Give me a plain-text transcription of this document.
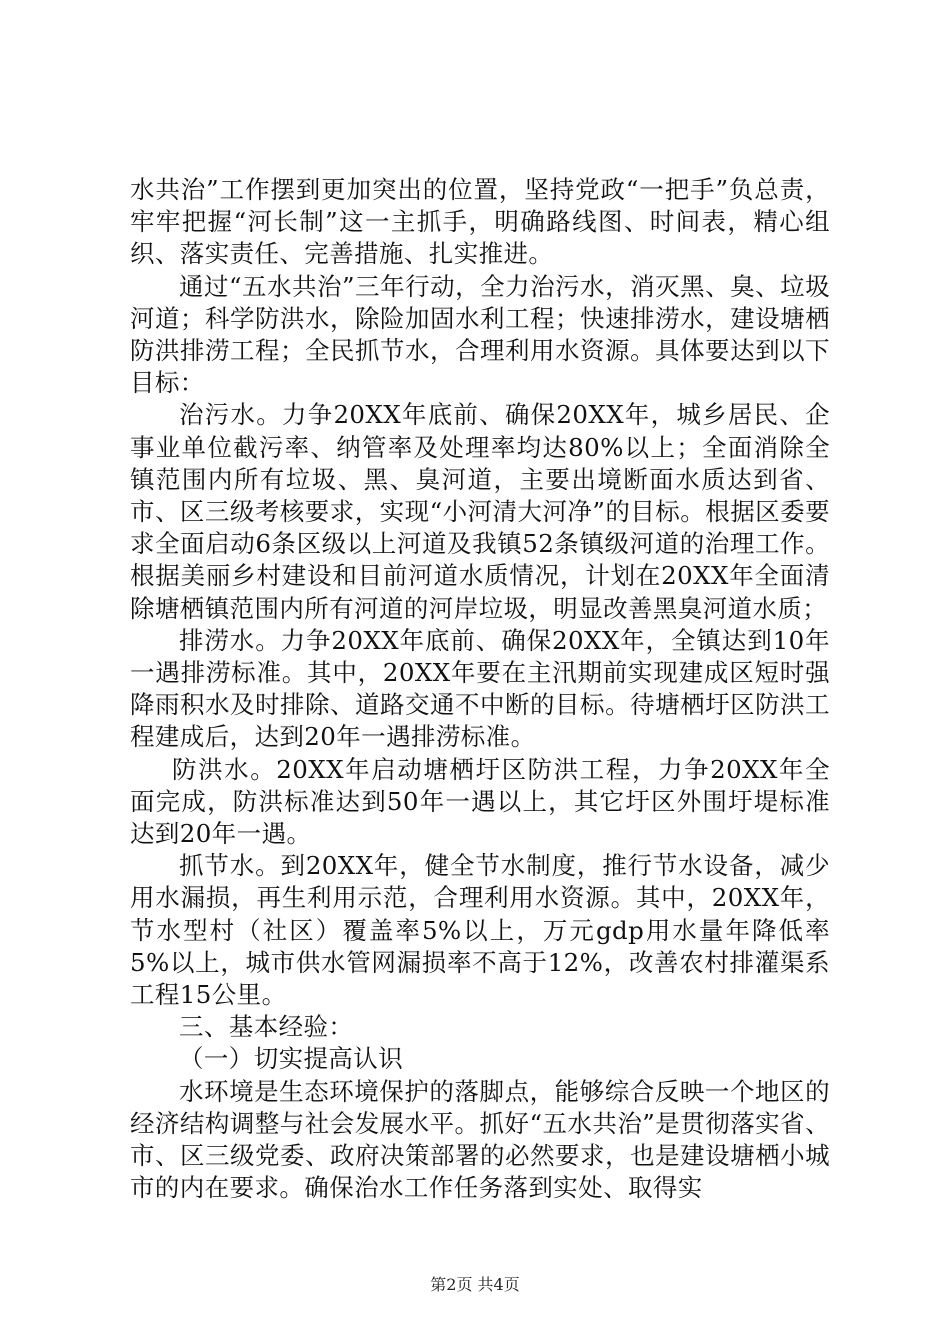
水共治”工作摆到更加突出的位置，坚持党政“一把手”负总责，牢牢把握“河长制”这一主抓手，明确路线图、时间表，精心组织、落实责任、完善措施、扎实推进。

通过“五水共治”三年行动，全力治污水，消灭黑、臭、垃圾河道；科学防洪水，除险加固水利工程；快速排涝水，建设塘栖防洪排涝工程；全民抓节水，合理利用水资源。具体要达到以下目标：

治污水。力争20XX年底前、确保20XX年，城乡居民、企事业单位截污率、纳管率及处理率均达80%以上；全面消除全镇范围内所有垃圾、黑、臭河道，主要出境断面水质达到省、市、区三级考核要求，实现“小河清大河净”的目标。根据区委要求全面启动6条区级以上河道及我镇52条镇级河道的治理工作。根据美丽乡村建设和目前河道水质情况，计划在20XX年全面清除塘栖镇范围内所有河道的河岸垃圾，明显改善黑臭河道水质；

排涝水。力争20XX年底前、确保20XX年，全镇达到10年一遇排涝标准。其中，20XX年要在主汛期前实现建成区短时强降雨积水及时排除、道路交通不中断的目标。待塘栖圩区防洪工程建成后，达到20年一遇排涝标准。

防洪水。20XX年启动塘栖圩区防洪工程，力争20XX年全面完成，防洪标准达到50年一遇以上，其它圩区外围圩堤标准达到20年一遇。

抓节水。到20XX年，健全节水制度，推行节水设备，减少用水漏损，再生利用示范，合理利用水资源。其中，20XX年，节水型村（社区）覆盖率5%以上，万元gdp用水量年降低率5%以上，城市供水管网漏损率不高于12%，改善农村排灌渠系工程15公里。

三、基本经验：

（一）切实提高认识

水环境是生态环境保护的落脚点，能够综合反映一个地区的经济结构调整与社会发展水平。抓好“五水共治”是贯彻落实省、市、区三级党委、政府决策部署的必然要求，也是建设塘栖小城市的内在要求。确保治水工作任务落到实处、取得实

第2页 共4页
